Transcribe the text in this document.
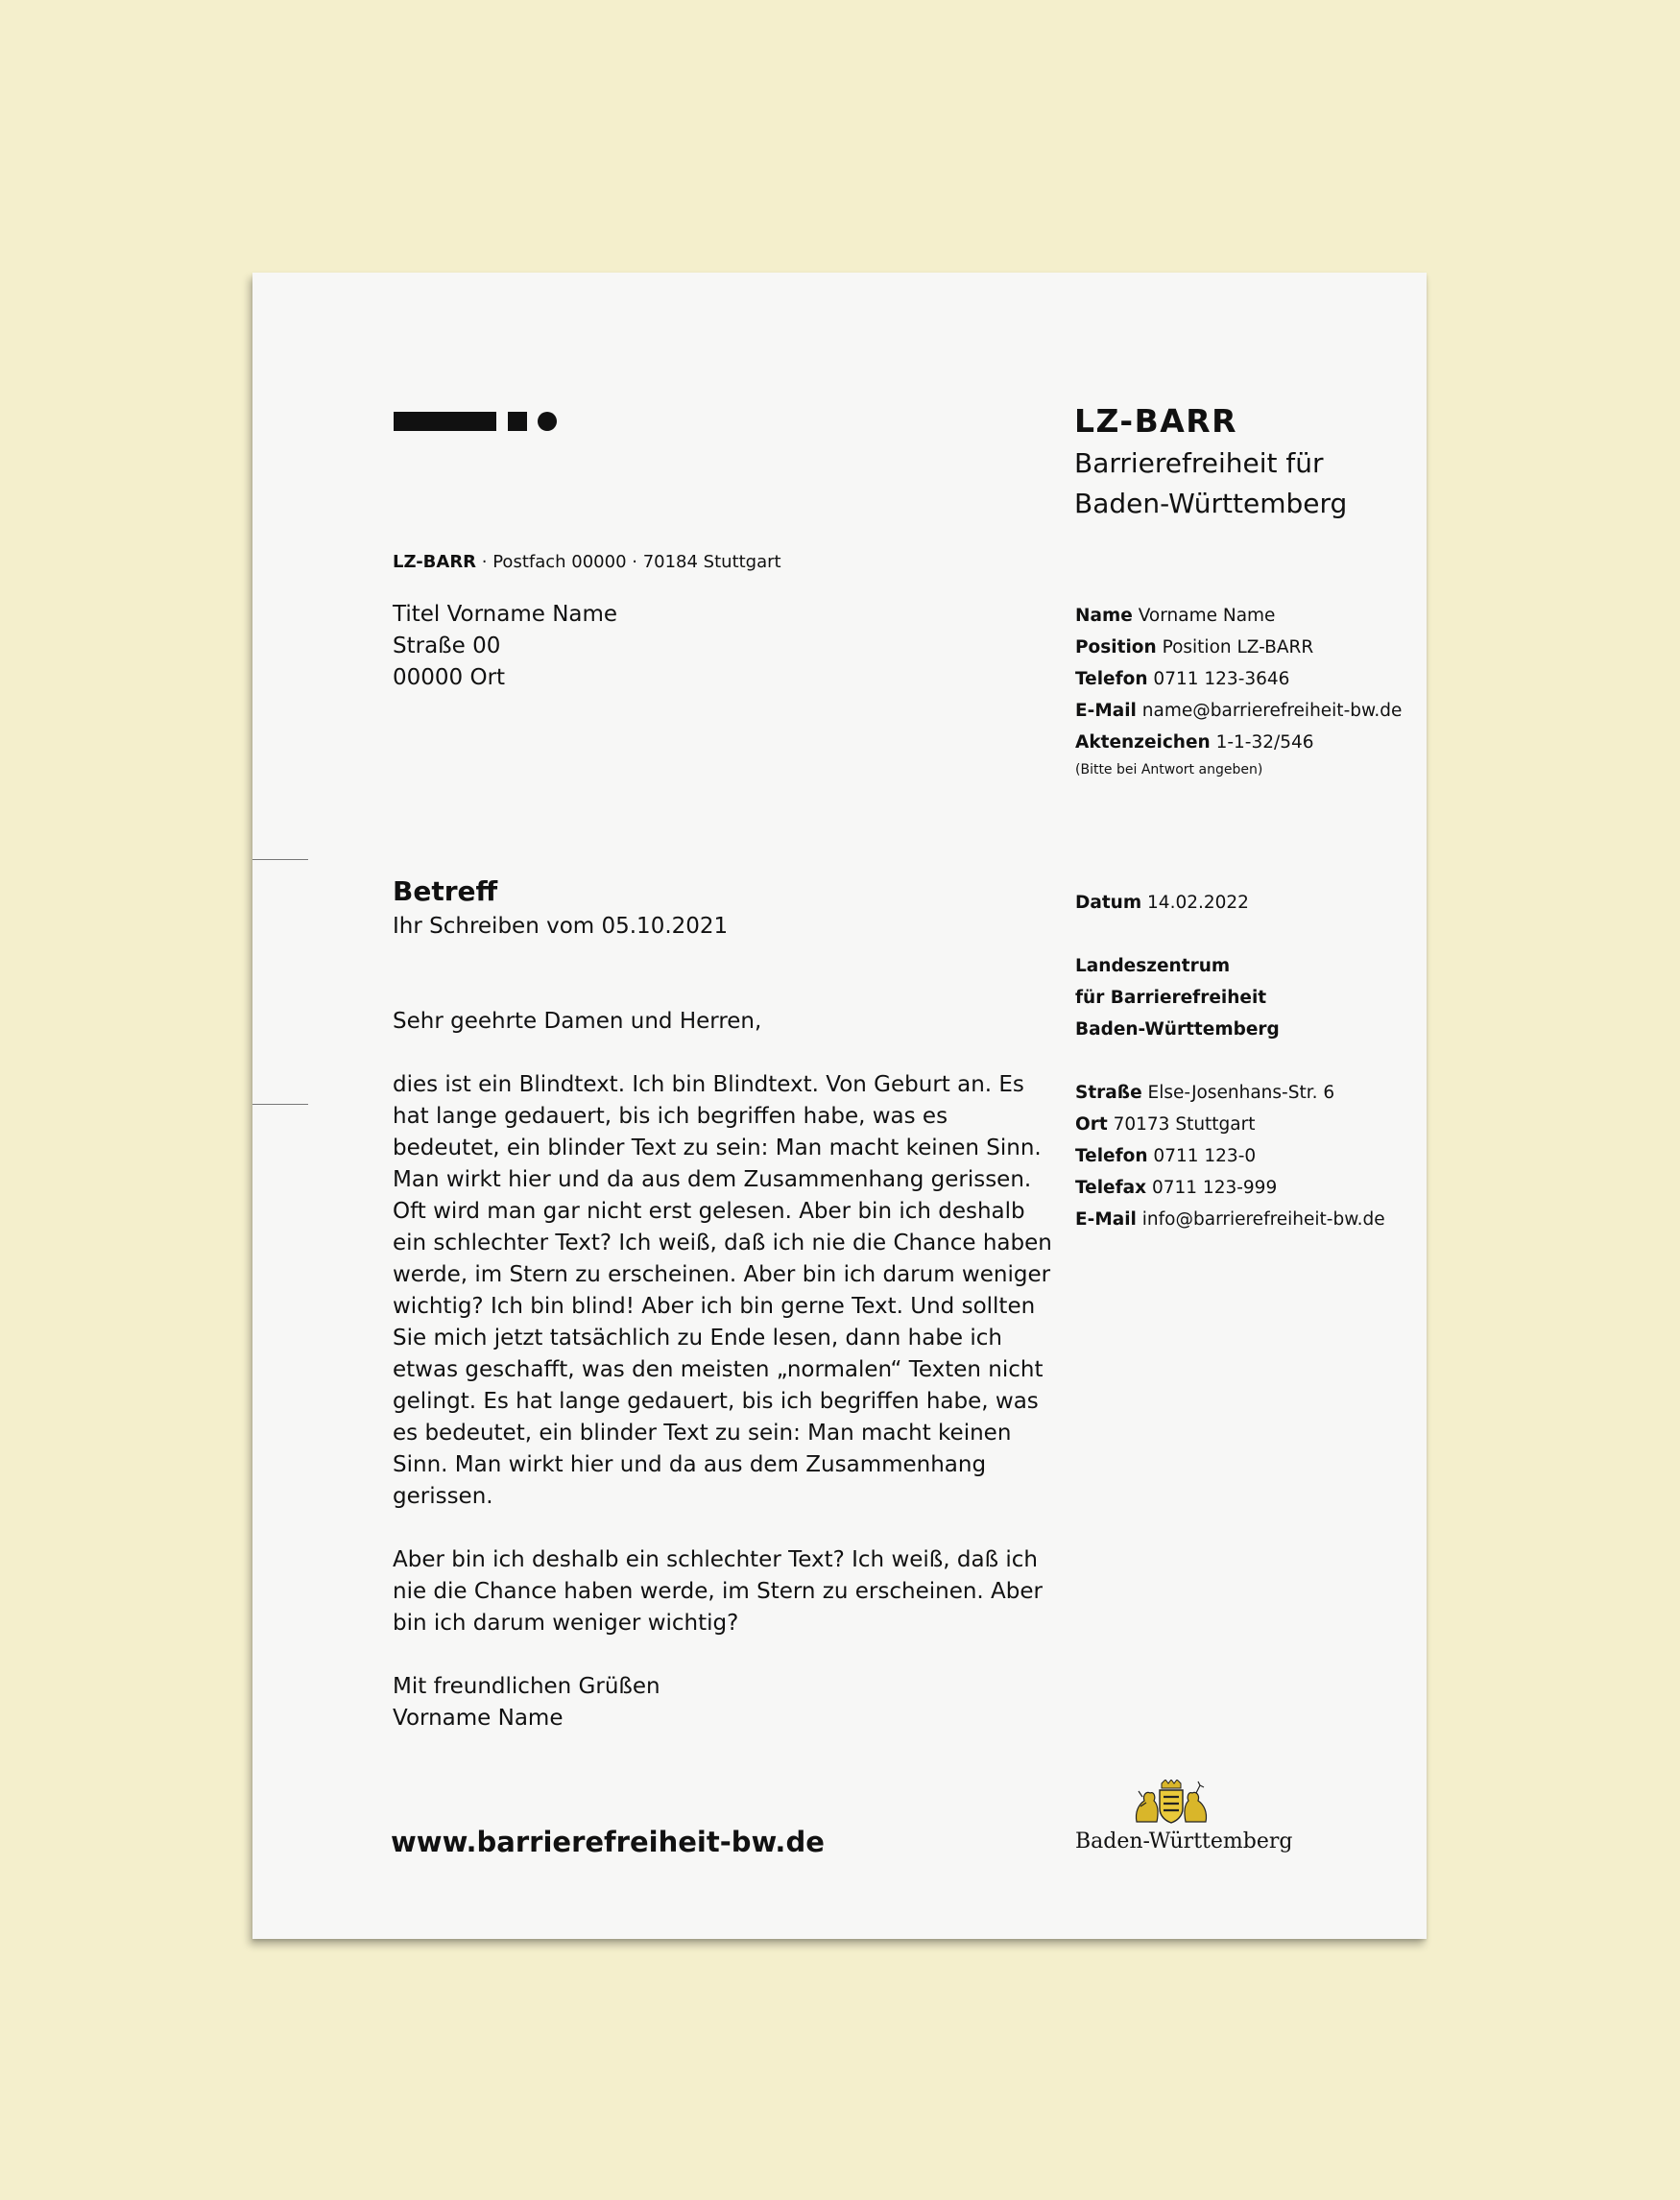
LZ-BARR
Barrierefreiheit für
Baden-Württemberg
LZ-BARR · Postfach 00000 · 70184 Stuttgart
Titel Vorname Name
Straße 00
00000 Ort
Name Vorname Name
Position Position LZ-BARR
Telefon 0711 123-3646
E-Mail name@barrierefreiheit-bw.de
Aktenzeichen 1-1-32/546
(Bitte bei Antwort angeben)
Betreff
Ihr Schreiben vom 05.10.2021

Sehr geehrte Damen und Herren,

dies ist ein Blindtext. Ich bin Blindtext. Von Geburt an. Es hat lange gedauert, bis ich begriffen habe, was es bedeutet, ein blinder Text zu sein: Man macht keinen Sinn. Man wirkt hier und da aus dem Zusammenhang gerissen. Oft wird man gar nicht erst gelesen. Aber bin ich deshalb ein schlechter Text? Ich weiß, daß ich nie die Chance haben werde, im Stern zu erscheinen. Aber bin ich darum weniger wichtig? Ich bin blind! Aber ich bin gerne Text. Und sollten Sie mich jetzt tatsächlich zu Ende lesen, dann habe ich etwas geschafft, was den meisten „normalen“ Texten nicht gelingt. Es hat lange gedauert, bis ich begriffen habe, was es bedeutet, ein blinder Text zu sein: Man macht keinen Sinn. Man wirkt hier und da aus dem Zusammenhang gerissen.

Aber bin ich deshalb ein schlechter Text? Ich weiß, daß ich nie die Chance haben werde, im Stern zu erscheinen. Aber bin ich darum weniger wichtig?

Mit freundlichen Grüßen

Vorname Name

Datum 14.02.2022
Landeszentrum
für Barrierefreiheit
Baden-Württemberg
Straße Else-Josenhans-Str. 6
Ort 70173 Stuttgart
Telefon 0711 123-0
Telefax 0711 123-999
E-Mail info@barrierefreiheit-bw.de
www.barrierefreiheit-bw.de	Baden-Württemberg
